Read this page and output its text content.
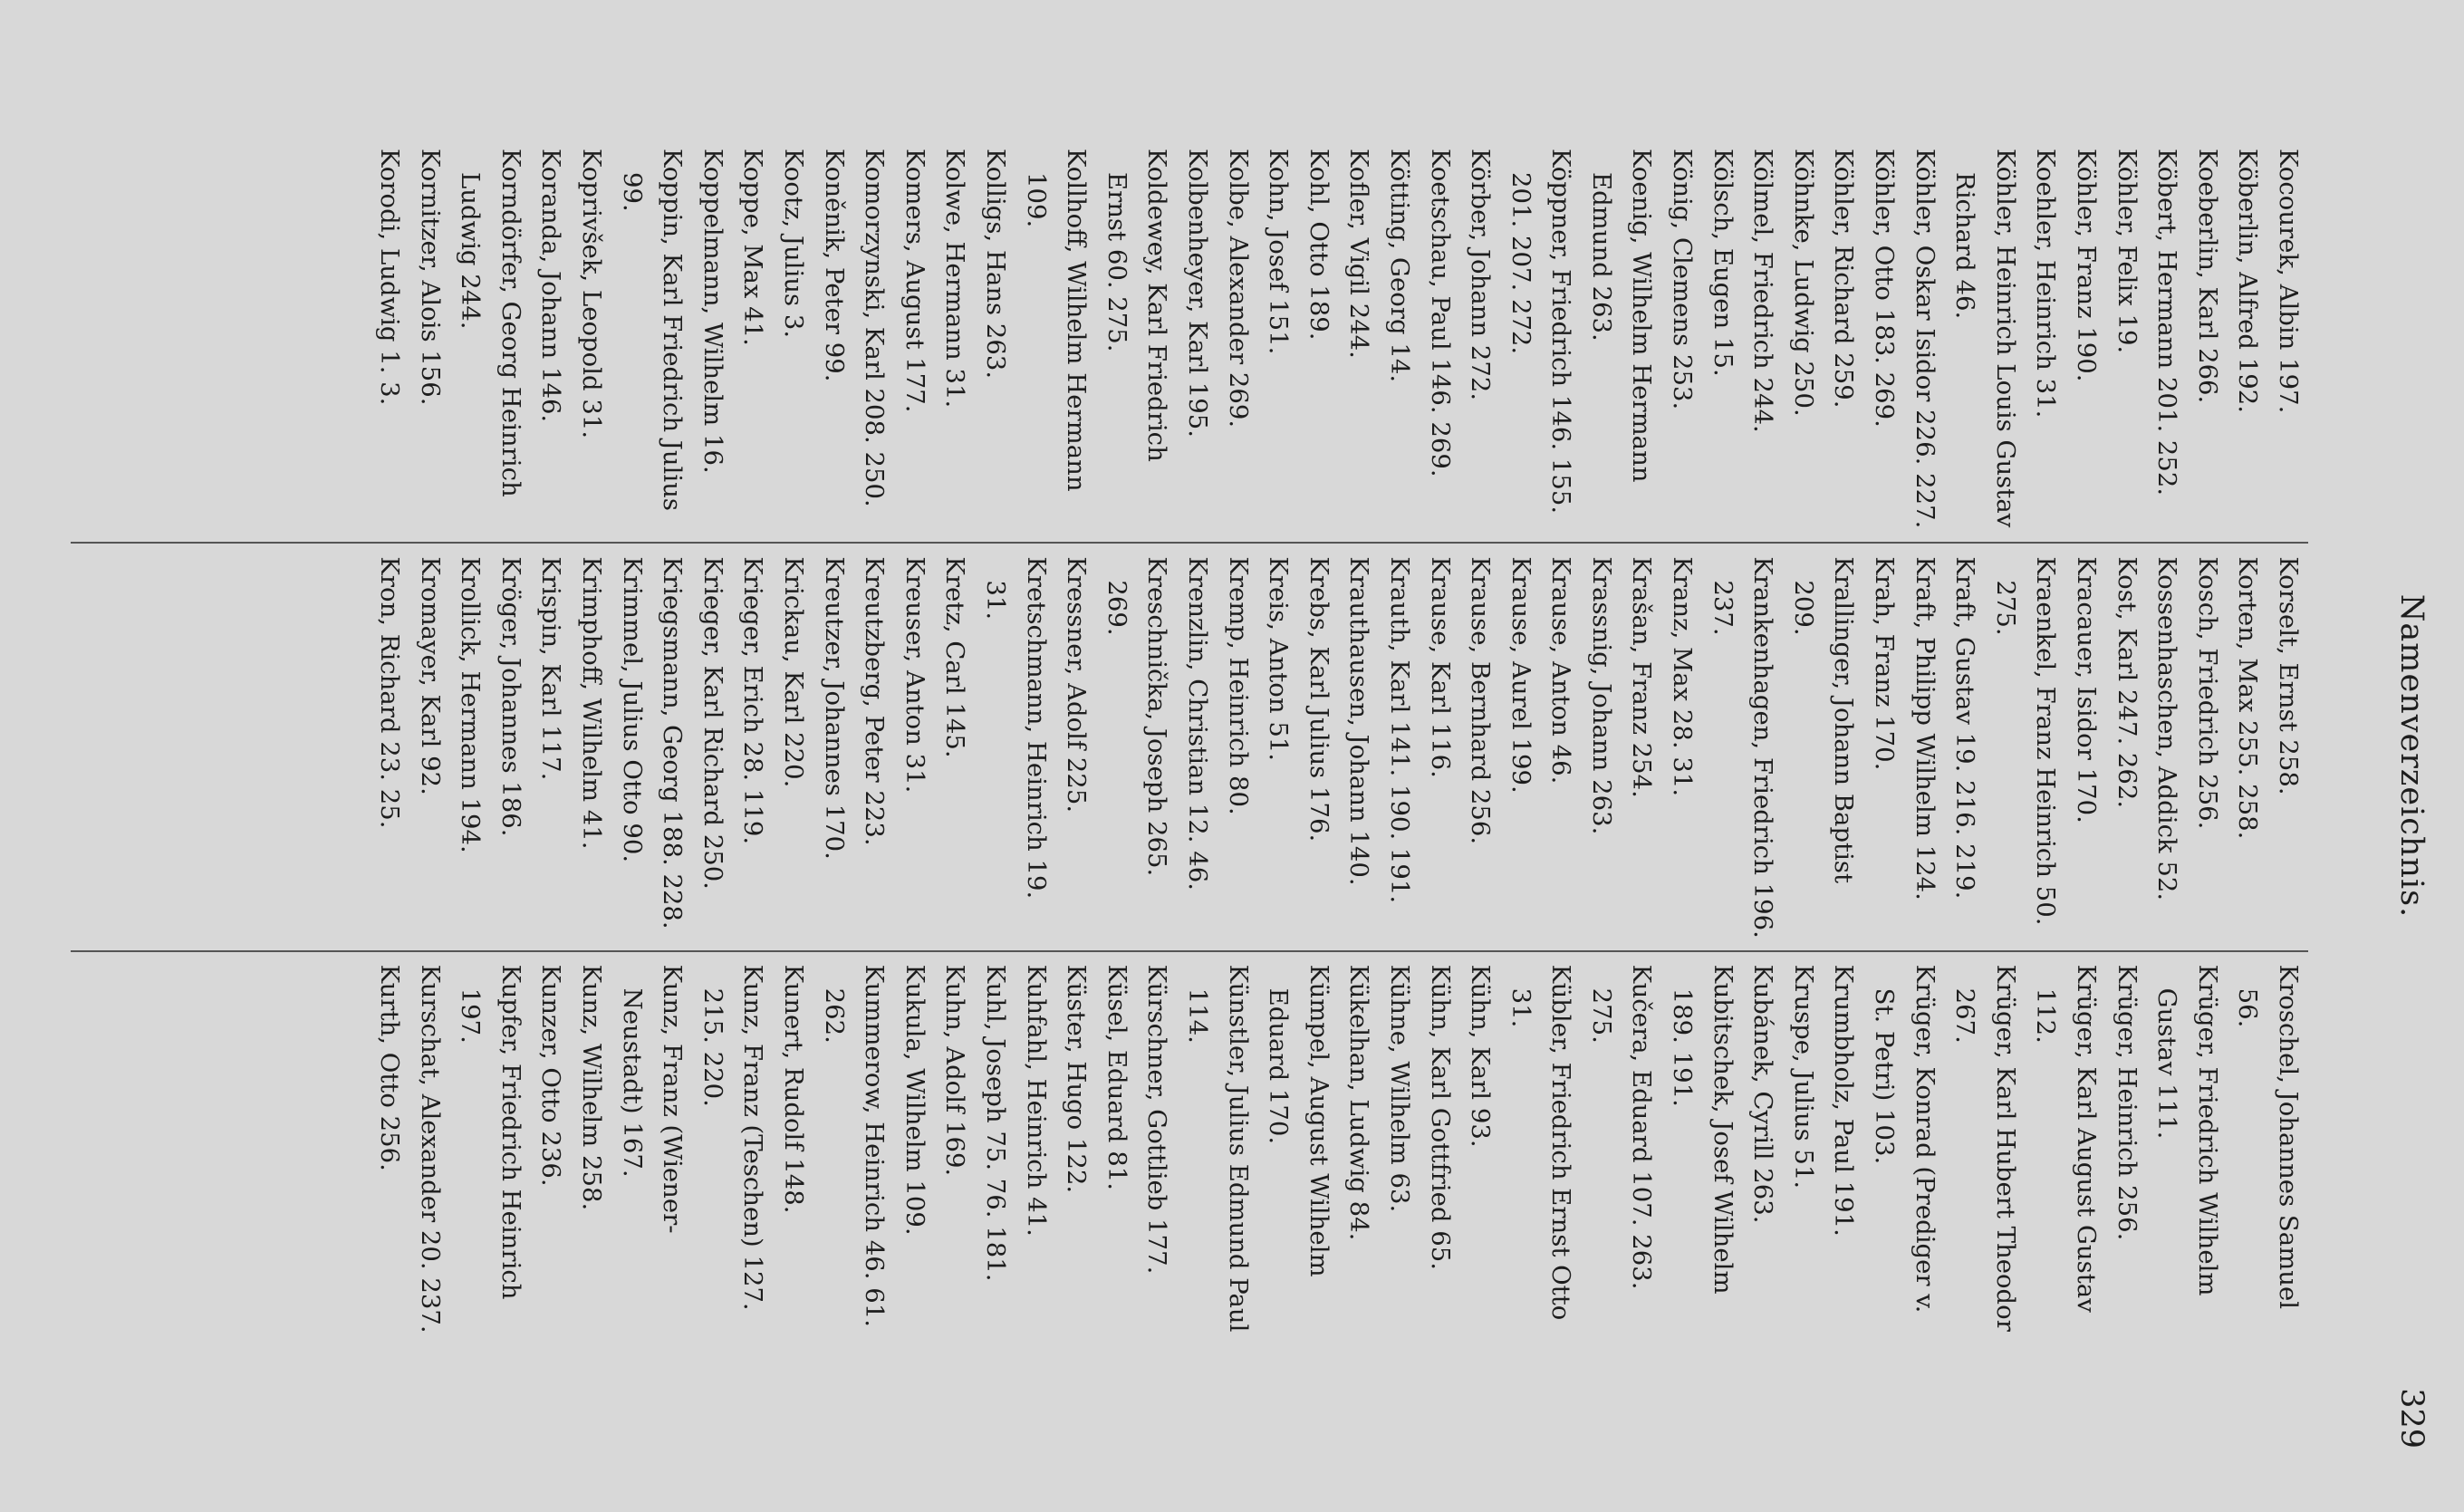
Namenverzeichnis.
329
Kocourek, Albin 197.
Köberlin, Alfred 192.
Koeberlin, Karl 266.
Köbert, Hermann 201. 252.
Köhler, Felix 19.
Köhler, Franz 190.
Koehler, Heinrich 31.
Köhler, Heinrich Louis Gustav Richard 46.
Köhler, Oskar Isidor 226. 227.
Köhler, Otto 183. 269.
Köhler, Richard 259.
Köhnke, Ludwig 250.
Kölmel, Friedrich 244.
Kölsch, Eugen 15.
König, Clemens 253.
Koenig, Wilhelm Hermann Edmund 263.
Köppner, Friedrich 146. 155. 201. 207. 272.
Körber, Johann 272.
Koetschau, Paul 146. 269.
Kötting, Georg 14.
Kofler, Vigil 244.
Kohl, Otto 189.
Kohn, Josef 151.
Kolbe, Alexander 269.
Kolbenheyer, Karl 195.
Koldewey, Karl Friedrich Ernst 60. 275.
Kollhoff, Wilhelm Hermann 109.
Kolligs, Hans 263.
Kolwe, Hermann 31.
Komers, August 177.
Komorzynski, Karl 208. 250.
Koněnik, Peter 99.
Kootz, Julius 3.
Koppe, Max 41.
Koppelmann, Wilhelm 16.
Koppin, Karl Friedrich Julius 99.
Koprivšek, Leopold 31.
Koranda, Johann 146.
Korndörfer, Georg Heinrich Ludwig 244.
Kornitzer, Alois 156.
Korodi, Ludwig 1. 3.
Korselt, Ernst 258.
Korten, Max 255. 258.
Kosch, Friedrich 256.
Kossenhaschen, Addick 52.
Kost, Karl 247. 262.
Kracauer, Isidor 170.
Kraenkel, Franz Heinrich 50. 275.
Kraft, Gustav 19. 216. 219.
Kraft, Philipp Wilhelm 124.
Krah, Franz 170.
Krallinger, Johann Baptist 209.
Krankenhagen, Friedrich 196. 237.
Kranz, Max 28. 31.
Krašan, Franz 254.
Krassnig, Johann 263.
Krause, Anton 46.
Krause, Aurel 199.
Krause, Bernhard 256.
Krause, Karl 116.
Krauth, Karl 141. 190. 191.
Krauthausen, Johann 140.
Krebs, Karl Julius 176.
Kreis, Anton 51.
Kremp, Heinrich 80.
Krenzlin, Christian 12. 46.
Kreschnička, Joseph 265. 269.
Kressner, Adolf 225.
Kretschmann, Heinrich 19. 31.
Kretz, Carl 145.
Kreuser, Anton 31.
Kreutzberg, Peter 223.
Kreutzer, Johannes 170.
Krickau, Karl 220.
Krieger, Erich 28. 119.
Krieger, Karl Richard 250.
Kriegsmann, Georg 188. 228.
Krimmel, Julius Otto 90.
Krimphoff, Wilhelm 41.
Krispin, Karl 117.
Kröger, Johannes 186.
Krollick, Hermann 194.
Kromayer, Karl 92.
Kron, Richard 23. 25.
Kroschel, Johannes Samuel 56.
Krüger, Friedrich Wilhelm Gustav 111.
Krüger, Heinrich 256.
Krüger, Karl August Gustav 112.
Krüger, Karl Hubert Theodor 267.
Krüger, Konrad (Prediger v. St. Petri) 103.
Krumbholz, Paul 191.
Kruspe, Julius 51.
Kubánek, Cyrill 263.
Kubitschek, Josef Wilhelm 189. 191.
Kučera, Eduard 107. 263. 275.
Kübler, Friedrich Ernst Otto 31.
Kühn, Karl 93.
Kühn, Karl Gottfried 65.
Kühne, Wilhelm 63.
Kükelhan, Ludwig 84.
Kümpel, August Wilhelm Eduard 170.
Künstler, Julius Edmund Paul 114.
Kürschner, Gottlieb 177.
Küsel, Eduard 81.
Küster, Hugo 122.
Kuhfahl, Heinrich 41.
Kuhl, Joseph 75. 76. 181.
Kuhn, Adolf 169.
Kukula, Wilhelm 109.
Kummerow, Heinrich 46. 61. 262.
Kunert, Rudolf 148.
Kunz, Franz (Teschen) 127. 215. 220.
Kunz, Franz (Wiener-Neustadt) 167.
Kunz, Wilhelm 258.
Kunzer, Otto 236.
Kupfer, Friedrich Heinrich 197.
Kurschat, Alexander 20. 237.
Kurth, Otto 256.
